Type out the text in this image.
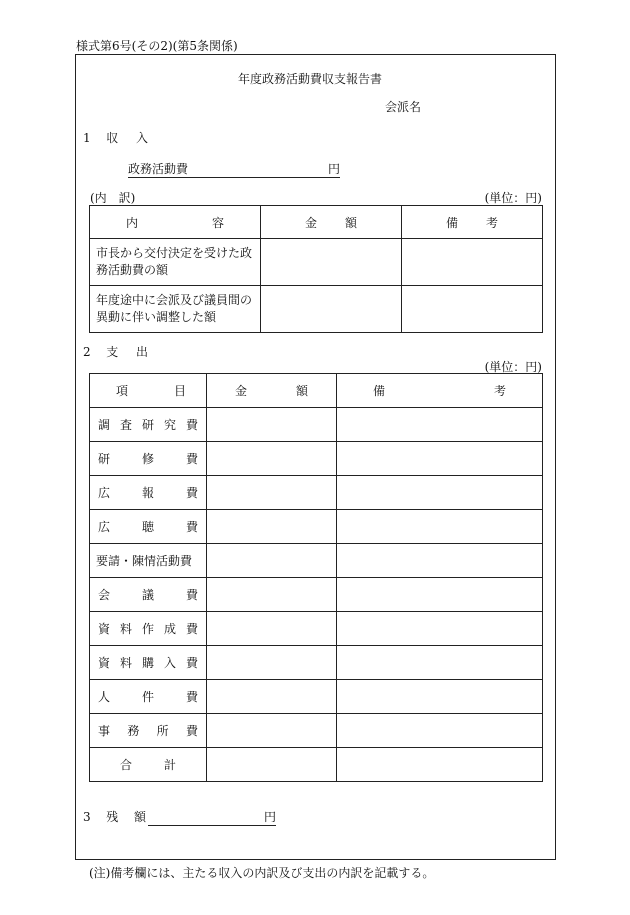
様式第6号(その2)(第5条関係)
年度政務活動費収支報告書
会派名
1 収 入
政務活動費	円
(内　訳)	(単位：円)
内 容	金 額	備 考

市長から交付決定を受けた政務活動費の額		

年度途中に会派及び議員間の異動に伴い調整した額		

2 支 出
(単位：円)
項 目	金 額	備 考

調 査 研 究 費		

研 修 費		

広 報 費		

広 聴 費		

要請・陳情活動費		

会 議 費		

資 料 作 成 費		

資 料 購 入 費		

人 件 費		

事 務 所 費		

合 計		

3 残 額	円
(注)備考欄には、主たる収入の内訳及び支出の内訳を記載する。
